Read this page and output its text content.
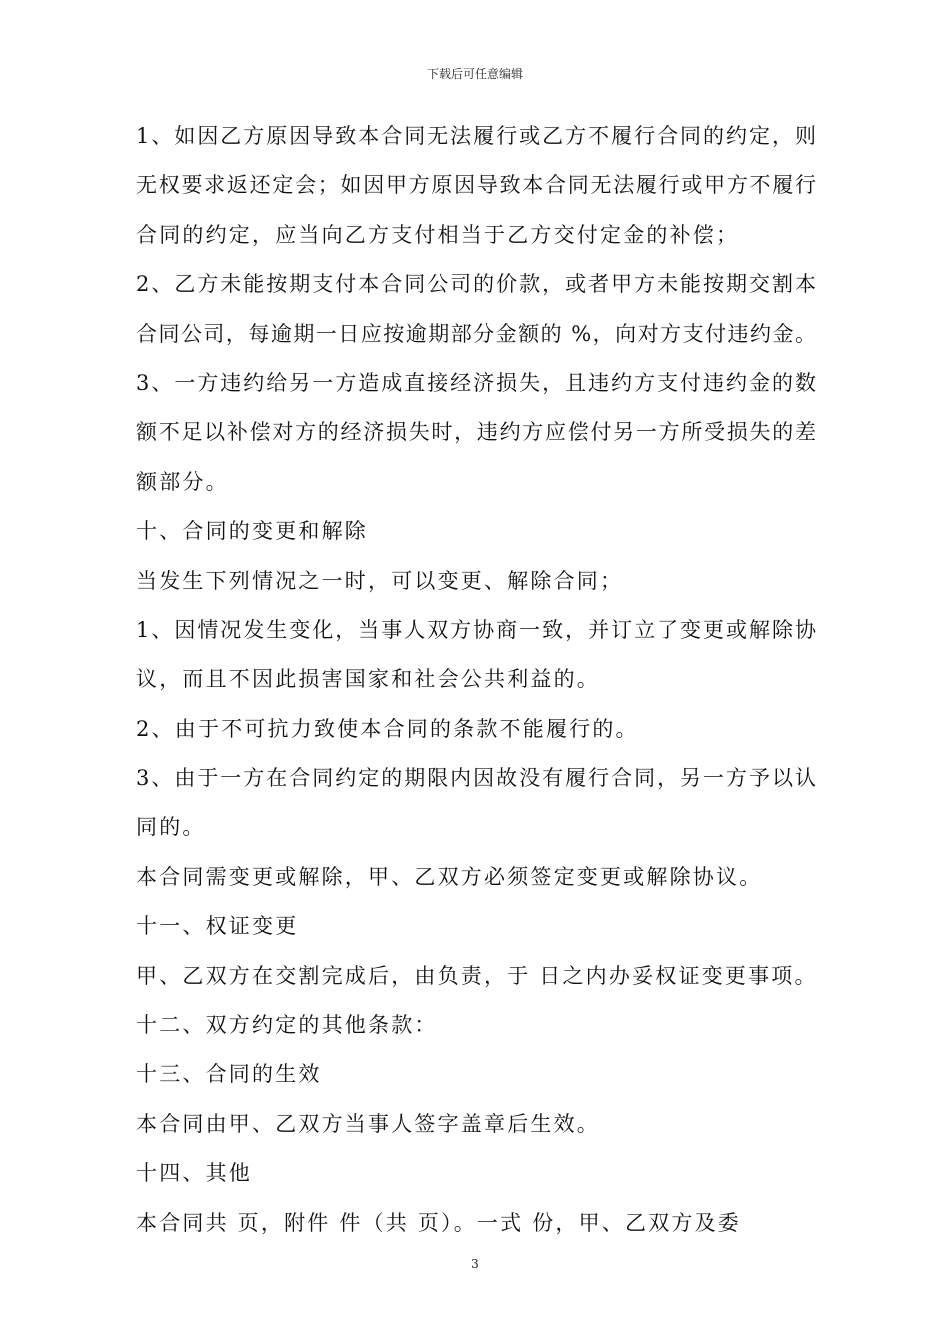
下载后可任意编辑
1、如因乙方原因导致本合同无法履行或乙方不履行合同的约定，则
无权要求返还定会；如因甲方原因导致本合同无法履行或甲方不履行
合同的约定，应当向乙方支付相当于乙方交付定金的补偿；
2、乙方未能按期支付本合同公司的价款，或者甲方未能按期交割本
合同公司，每逾期一日应按逾期部分金额的 %，向对方支付违约金。
3、一方违约给另一方造成直接经济损失，且违约方支付违约金的数
额不足以补偿对方的经济损失时，违约方应偿付另一方所受损失的差
额部分。
十、合同的变更和解除
当发生下列情况之一时，可以变更、解除合同；
1、因情况发生变化，当事人双方协商一致，并订立了变更或解除协
议，而且不因此损害国家和社会公共利益的。
2、由于不可抗力致使本合同的条款不能履行的。
3、由于一方在合同约定的期限内因故没有履行合同，另一方予以认
同的。
本合同需变更或解除，甲、乙双方必须签定变更或解除协议。
十一、权证变更
甲、乙双方在交割完成后，由负责，于 日之内办妥权证变更事项。
十二、双方约定的其他条款：
十三、合同的生效
本合同由甲、乙双方当事人签字盖章后生效。
十四、其他
本合同共 页，附件 件（共 页）。一式 份，甲、乙双方及委
3
